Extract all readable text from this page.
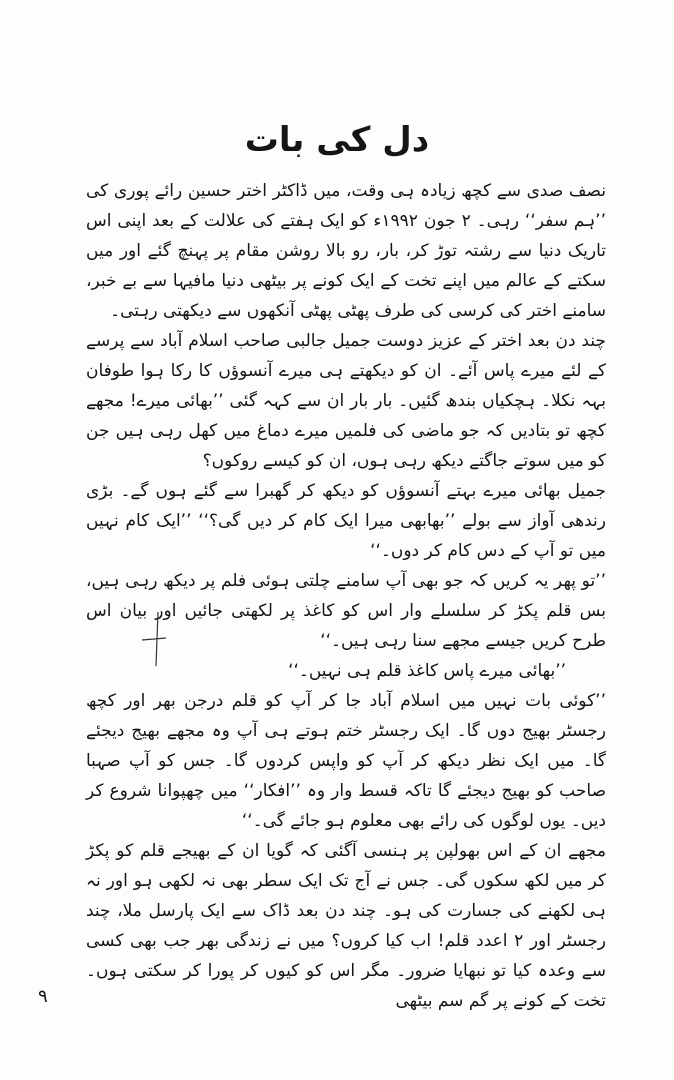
دل کی بات

نصف صدی سے کچھ زیادہ ہی وقت، میں ڈاکٹر اختر حسین رائے پوری کی ’’ہم سفر‘‘ رہی۔ ۲ جون ۱۹۹۲ء کو ایک ہفتے کی علالت کے بعد اپنی اس تاریک دنیا سے رشتہ توڑ کر، بار، رو بالا روشن مقام پر پہنچ گئے اور میں سکتے کے عالم میں اپنے تخت کے ایک کونے پر بیٹھی دنیا مافیہا سے بے خبر، سامنے اختر کی کرسی کی طرف پھٹی پھٹی آنکھوں سے دیکھتی رہتی۔

چند دن بعد اختر کے عزیز دوست جمیل جالبی صاحب اسلام آباد سے پرسے کے لئے میرے پاس آئے۔ ان کو دیکھتے ہی میرے آنسوؤں کا رکا ہوا طوفان بہہ نکلا۔ ہچکیاں بندھ گئیں۔ بار بار ان سے کہہ گئی ’’بھائی میرے! مجھے کچھ تو بتادیں کہ جو ماضی کی فلمیں میرے دماغ میں کھل رہی ہیں جن کو میں سوتے جاگتے دیکھ رہی ہوں، ان کو کیسے روکوں؟

جمیل بھائی میرے بہتے آنسوؤں کو دیکھ کر گھبرا سے گئے ہوں گے۔ بڑی رندھی آواز سے بولے ’’بھابھی میرا ایک کام کر دیں گی؟‘‘ ’’ایک کام نہیں میں تو آپ کے دس کام کر دوں۔‘‘

’’تو پھر یہ کریں کہ جو بھی آپ سامنے چلتی ہوئی فلم پر دیکھ رہی ہیں، بس قلم پکڑ کر سلسلے وار اس کو کاغذ پر لکھتی جائیں اور بیان اس طرح کریں جیسے مجھے سنا رہی ہیں۔‘‘

’’بھائی میرے پاس کاغذ قلم ہی نہیں۔‘‘

’’کوئی بات نہیں میں اسلام آباد جا کر آپ کو قلم درجن بھر اور کچھ رجسٹر بھیج دوں گا۔ ایک رجسٹر ختم ہوتے ہی آپ وہ مجھے بھیج دیجئے گا۔ میں ایک نظر دیکھ کر آپ کو واپس کردوں گا۔ جس کو آپ صہبا صاحب کو بھیج دیجئے گا تاکہ قسط وار وہ ’’افکار‘‘ میں چھپوانا شروع کر دیں۔ یوں لوگوں کی رائے بھی معلوم ہو جائے گی۔‘‘

مجھے ان کے اس بھولپن پر ہنسی آگئی کہ گویا ان کے بھیجے قلم کو پکڑ کر میں لکھ سکوں گی۔ جس نے آج تک ایک سطر بھی نہ لکھی ہو اور نہ ہی لکھنے کی جسارت کی ہو۔ چند دن بعد ڈاک سے ایک پارسل ملا، چند رجسٹر اور ۲ اعدد قلم! اب کیا کروں؟ میں نے زندگی بھر جب بھی کسی سے وعدہ کیا تو نبھایا ضرور۔ مگر اس کو کیوں کر پورا کر سکتی ہوں۔ تخت کے کونے پر گم سم بیٹھی

۹
